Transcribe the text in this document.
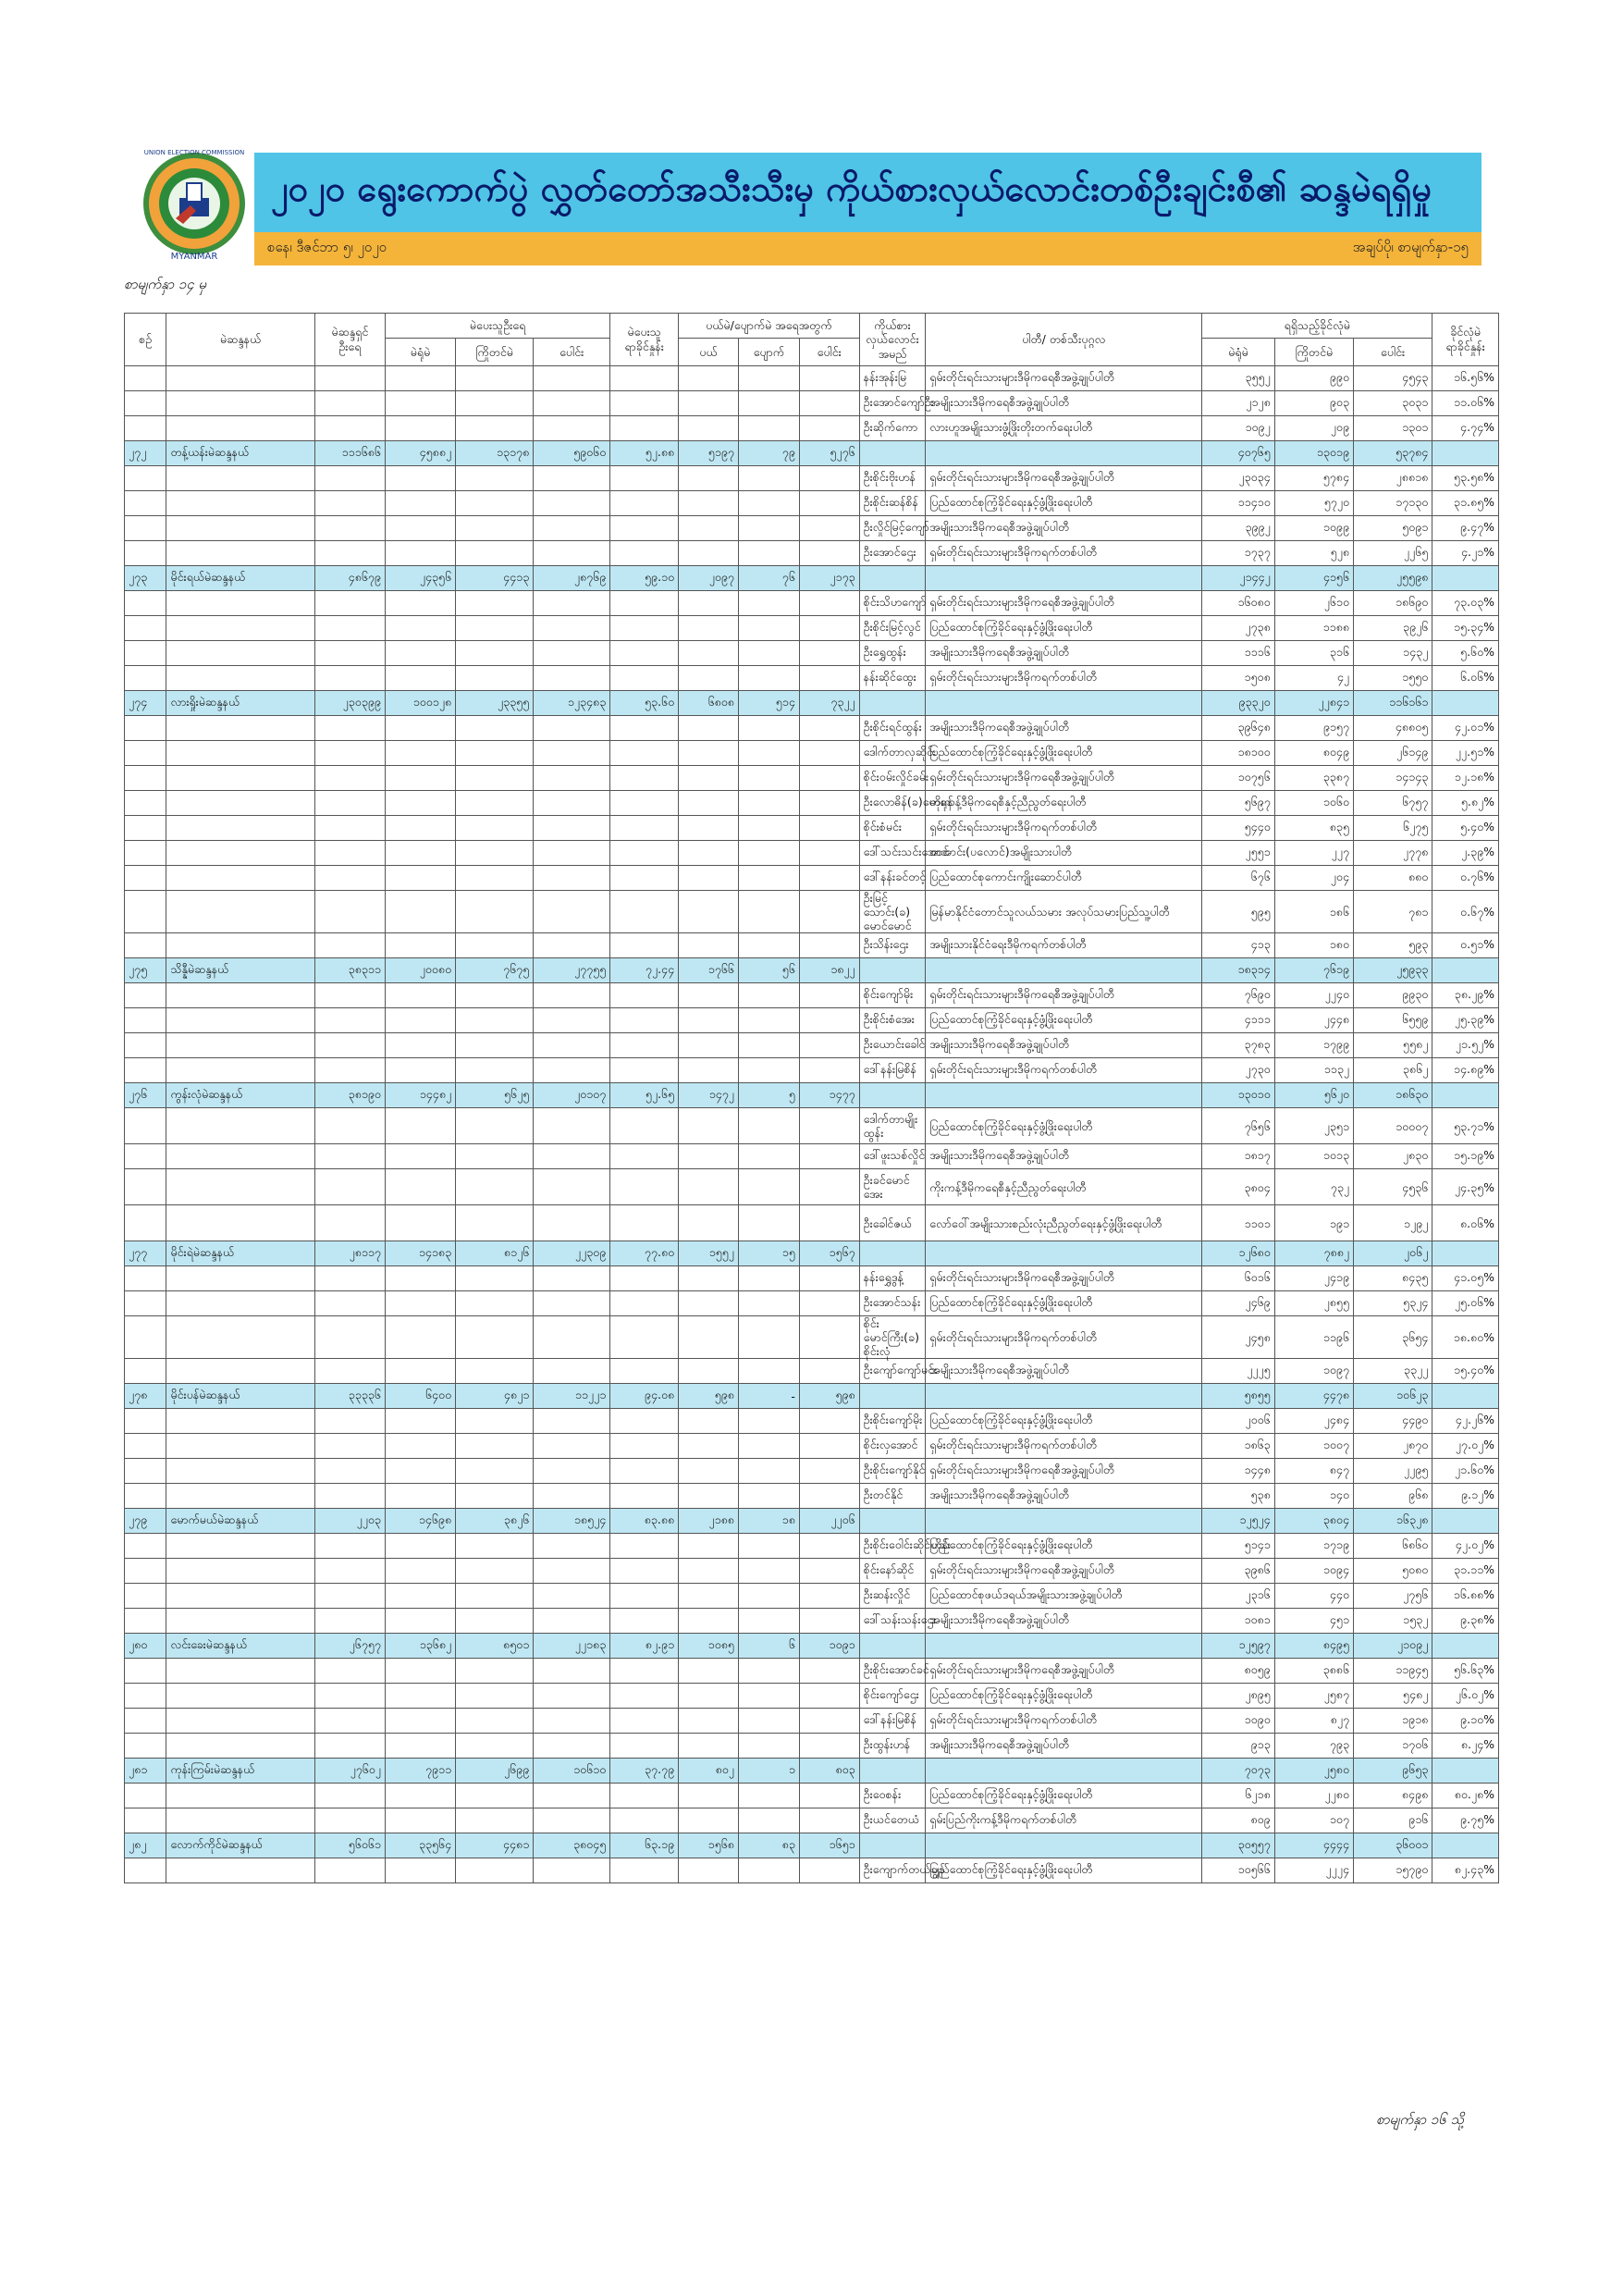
MYANMAR
UNION ELECTION COMMISSION
၂၀၂၀ ရွေးကောက်ပွဲ လွှတ်တော်အသီးသီးမှ ကိုယ်စားလှယ်လောင်းတစ်ဦးချင်းစီ၏ ဆန္ဒမဲရရှိမှု
စနေ၊ ဒီဇင်ဘာ ၅၊ ၂၀၂၀	အချပ်ပို၊ စာမျက်နှာ-၁၅
စာမျက်နှာ ၁၄ မှ
စဉ်	မဲဆန္ဒနယ်	မဲဆန္ဒရှင် ဦးရေ	မဲပေးသူဦးရေ			မဲပေးသူ ရာခိုင်နှုန်း	ပယ်မဲ/ပျောက်မဲ အရေအတွက်			ကိုယ်စား လှယ်လောင်း အမည်	ပါတီ/ တစ်သီးပုဂ္ဂလ	ရရှိသည့်ခိုင်လုံမဲ			ခိုင်လုံမဲ ရာခိုင်နှုန်း
			မဲရုံမဲ	ကြိုတင်မဲ	ပေါင်း		ပယ်	ပျောက်	ပေါင်း			မဲရုံမဲ	ကြိုတင်မဲ	ပေါင်း	
										နန်းအုန်းမြ	ရှမ်းတိုင်းရင်းသားများဒီမိုကရေစီအဖွဲ့ချုပ်ပါတီ	၃၅၅၂	၉၉၀	၄၅၄၃	၁၆.၅၆%
										ဦးအောင်ကျော်ဦး	အမျိုးသားဒီမိုကရေစီအဖွဲ့ချုပ်ပါတီ	၂၁၂၈	၉၀၃	၃၀၃၁	၁၁.၀၆%
										ဦးဆိုက်ကော	လားဟူအမျိုးသားဖွံ့ဖြိုးတိုးတက်ရေးပါတီ	၁၀၉၂	၂၀၉	၁၃၀၁	၄.၇၄%
၂၇၂	တန့်ယန်းမဲဆန္ဒနယ်	၁၁၁၆၈၆	၄၅၈၈၂	၁၃၁၇၈	၅၉၀၆၀	၅၂.၈၈	၅၁၉၇	၇၉	၅၂၇၆			၄၀၇၆၅	၁၃၀၁၉	၅၃၇၈၄	
										ဦးစိုင်းဗိုးဟန်	ရှမ်းတိုင်းရင်းသားများဒီမိုကရေစီအဖွဲ့ချုပ်ပါတီ	၂၃၀၃၄	၅၇၈၄	၂၈၈၁၈	၅၃.၅၈%
										ဦးစိုင်းဆန်စိန်	ပြည်ထောင်စုကြံ့ခိုင်ရေးနှင့်ဖွံ့ဖြိုးရေးပါတီ	၁၁၄၁၀	၅၇၂၀	၁၇၁၃၀	၃၁.၈၅%
										ဦးလှိုင်မြင့်ကျော်	အမျိုးသားဒီမိုကရေစီအဖွဲ့ချုပ်ပါတီ	၃၉၉၂	၁၀၉၉	၅၀၉၁	၉.၄၇%
										ဦးအောင်ဌေး	ရှမ်းတိုင်းရင်းသားများဒီမိုကရက်တစ်ပါတီ	၁၇၃၇	၅၂၈	၂၂၆၅	၄.၂၁%
၂၇၃	မိုင်းရယ်မဲဆန္ဒနယ်	၄၈၆၇၉	၂၄၃၅၆	၄၄၁၃	၂၈၇၆၉	၅၉.၁၀	၂၀၉၇	၇၆	၂၁၇၃			၂၁၄၄၂	၄၁၅၆	၂၅၅၉၈	
										စိုင်းသိဟကျော်	ရှမ်းတိုင်းရင်းသားများဒီမိုကရေစီအဖွဲ့ချုပ်ပါတီ	၁၆၀၈၀	၂၆၁၀	၁၈၆၉၀	၇၃.၀၃%
										ဦးစိုင်းမြင့်လွင်	ပြည်ထောင်စုကြံ့ခိုင်ရေးနှင့်ဖွံ့ဖြိုးရေးပါတီ	၂၇၃၈	၁၁၈၈	၃၉၂၆	၁၅.၃၄%
										ဦးရွှေထွန်း	အမျိုးသားဒီမိုကရေစီအဖွဲ့ချုပ်ပါတီ	၁၁၁၆	၃၁၆	၁၄၃၂	၅.၆၀%
										နန်းဆိုင်ထွေး	ရှမ်းတိုင်းရင်းသားများဒီမိုကရက်တစ်ပါတီ	၁၅၀၈	၄၂	၁၅၅၀	၆.၀၆%
၂၇၄	လားရှိုးမဲဆန္ဒနယ်	၂၃၀၃၉၉	၁၀၀၁၂၈	၂၃၃၅၅	၁၂၃၄၈၃	၅၃.၆၀	၆၈၀၈	၅၁၄	၇၃၂၂			၉၃၃၂၀	၂၂၈၄၁	၁၁၆၁၆၁	
										ဦးစိုင်းရင်ထွန်း	အမျိုးသားဒီမိုကရေစီအဖွဲ့ချုပ်ပါတီ	၃၉၆၄၈	၉၁၅၇	၄၈၈၀၅	၄၂.၀၁%
										ဒေါက်တာလှဆိုင်း	ပြည်ထောင်စုကြံ့ခိုင်ရေးနှင့်ဖွံ့ဖြိုးရေးပါတီ	၁၈၁၀၀	၈၀၄၉	၂၆၁၄၉	၂၂.၅၁%
										စိုင်းဝမ်းလှိုင်ခမ်း	ရှမ်းတိုင်းရင်းသားများဒီမိုကရေစီအဖွဲ့ချုပ်ပါတီ	၁၀၇၅၆	၃၃၈၇	၁၄၁၄၃	၁၂.၁၈%
										ဦးလောဓိန်(ခ)မောရုန်	ကိုးကန့်ဒီမိုကရေစီနှင့်ညီညွတ်ရေးပါတီ	၅၆၉၇	၁၀၆၀	၆၇၅၇	၅.၈၂%
										စိုင်းစံမင်း	ရှမ်းတိုင်းရင်းသားများဒီမိုကရက်တစ်ပါတီ	၅၄၄၀	၈၃၅	၆၂၇၅	၅.၄၀%
										ဒေါ်သင်းသင်းအောင်	တအာင်း(ပလောင်)အမျိုးသားပါတီ	၂၅၅၁	၂၂၇	၂၇၇၈	၂.၃၉%
										ဒေါ်နန်းခင်တင့်	ပြည်ထောင်စုကောင်းကျိုးဆောင်ပါတီ	၆၇၆	၂၀၄	၈၈၀	၀.၇၆%
										ဦးမြင့်သောင်း(ခ) မောင်မောင်	မြန်မာနိုင်ငံတောင်သူလယ်သမား အလုပ်သမားပြည်သူ့ပါတီ	၅၉၅	၁၈၆	၇၈၁	၀.၆၇%
										ဦးသိန်းဌေး	အမျိုးသားနိုင်ငံရေးဒီမိုကရက်တစ်ပါတီ	၄၁၃	၁၈၀	၅၉၃	၀.၅၁%
၂၇၅	သိန္နီမဲဆန္ဒနယ်	၃၈၃၁၁	၂၀၀၈၀	၇၆၇၅	၂၇၇၅၅	၇၂.၄၄	၁၇၆၆	၅၆	၁၈၂၂			၁၈၃၁၄	၇၆၁၉	၂၅၉၃၃	
										စိုင်းကျော်မိုး	ရှမ်းတိုင်းရင်းသားများဒီမိုကရေစီအဖွဲ့ချုပ်ပါတီ	၇၆၉၀	၂၂၄၀	၉၉၃၀	၃၈.၂၉%
										ဦးစိုင်းစံအေး	ပြည်ထောင်စုကြံ့ခိုင်ရေးနှင့်ဖွံ့ဖြိုးရေးပါတီ	၄၁၁၁	၂၄၄၈	၆၅၅၉	၂၅.၃၉%
										ဦးယောင်းခေါင်	အမျိုးသားဒီမိုကရေစီအဖွဲ့ချုပ်ပါတီ	၃၇၈၃	၁၇၉၉	၅၅၈၂	၂၁.၅၂%
										ဒေါ်နန်းမြစိန်	ရှမ်းတိုင်းရင်းသားများဒီမိုကရက်တစ်ပါတီ	၂၇၃၀	၁၁၃၂	၃၈၆၂	၁၄.၈၉%
၂၇၆	ကွန်းလုံမဲဆန္ဒနယ်	၃၈၁၉၀	၁၄၄၈၂	၅၆၂၅	၂၀၁၀၇	၅၂.၆၅	၁၄၇၂	၅	၁၄၇၇			၁၃၀၁၀	၅၆၂၀	၁၈၆၃၀	
										ဒေါက်တာမျိုးထွန်း	ပြည်ထောင်စုကြံ့ခိုင်ရေးနှင့်ဖွံ့ဖြိုးရေးပါတီ	၇၆၅၆	၂၃၅၁	၁၀၀၀၇	၅၃.၇၁%
										ဒေါ်ဖူးသစ်လှိုင်	အမျိုးသားဒီမိုကရေစီအဖွဲ့ချုပ်ပါတီ	၁၈၁၇	၁၀၁၃	၂၈၃၀	၁၅.၁၉%
										ဦးခင်မောင်အေး	ကိုးကန့်ဒီမိုကရေစီနှင့်ညီညွတ်ရေးပါတီ	၃၈၀၄	၇၃၂	၄၅၃၆	၂၄.၃၅%
										ဦးခေါင်ဇယ်	လော်ဝေါ်အမျိုးသားစည်းလုံးညီညွတ်ရေးနှင့်ဖွံ့ဖြိုးရေးပါတီ	၁၁၀၁	၁၉၁	၁၂၉၂	၈.၀၆%
၂၇၇	မိုင်းရဲမဲဆန္ဒနယ်	၂၈၁၁၇	၁၄၁၈၃	၈၁၂၆	၂၂၃၀၉	၇၇.၈၀	၁၅၅၂	၁၅	၁၅၆၇			၁၂၆၈၀	၇၈၈၂	၂၀၆၂	
										နန်းရွှေဒွန့်	ရှမ်းတိုင်းရင်းသားများဒီမိုကရေစီအဖွဲ့ချုပ်ပါတီ	၆၀၁၆	၂၄၁၉	၈၄၃၅	၄၁.၀၅%
										ဦးအောင်သန်း	ပြည်ထောင်စုကြံ့ခိုင်ရေးနှင့်ဖွံ့ဖြိုးရေးပါတီ	၂၄၆၉	၂၈၅၅	၅၃၂၄	၂၅.၀၆%
										စိုင်းမောင်ကြီး(ခ) စိုင်းလုံ	ရှမ်းတိုင်းရင်းသားများဒီမိုကရက်တစ်ပါတီ	၂၄၅၈	၁၁၉၆	၃၆၅၄	၁၈.၈၀%
										ဦးကျော်ကျော်မင်း	အမျိုးသားဒီမိုကရေစီအဖွဲ့ချုပ်ပါတီ	၂၂၂၅	၁၀၉၇	၃၃၂၂	၁၅.၄၀%
၂၇၈	မိုင်းပန်မဲဆန္ဒနယ်	၃၃၃၃၆	၆၄၀၀	၄၈၂၁	၁၁၂၂၁	၉၄.၀၈	၅၉၈	-	၅၉၈			၅၈၅၅	၄၄၇၈	၁၀၆၂၃	
										ဦးစိုင်းကျော်မိုး	ပြည်ထောင်စုကြံ့ခိုင်ရေးနှင့်ဖွံ့ဖြိုးရေးပါတီ	၂၀၀၆	၂၄၈၄	၄၄၉၀	၄၂.၂၆%
										စိုင်းလှအောင်	ရှမ်းတိုင်းရင်းသားများဒီမိုကရက်တစ်ပါတီ	၁၈၆၃	၁၀၀၇	၂၈၇၀	၂၇.၀၂%
										ဦးစိုင်းကျော်နိုင်	ရှမ်းတိုင်းရင်းသားများဒီမိုကရေစီအဖွဲ့ချုပ်ပါတီ	၁၄၄၈	၈၄၇	၂၂၉၅	၂၁.၆၀%
										ဦးတင်နိုင်	အမျိုးသားဒီမိုကရေစီအဖွဲ့ချုပ်ပါတီ	၅၃၈	၁၄၀	၉၆၈	၉.၁၂%
၂၇၉	မောက်မယ်မဲဆန္ဒနယ်	၂၂၀၃	၁၄၆၉၈	၃၈၂၆	၁၈၅၂၄	၈၃.၈၈	၂၁၈၈	၁၈	၂၂၀၆			၁၂၅၂၄	၃၈၀၄	၁၆၃၂၈	
										ဦးစိုင်းဝေါင်းဆိုင်ဟိန်း	ပြည်ထောင်စုကြံ့ခိုင်ရေးနှင့်ဖွံ့ဖြိုးရေးပါတီ	၅၁၄၁	၁၇၁၉	၆၈၆၀	၄၂.၀၂%
										စိုင်းနော်ဆိုင်	ရှမ်းတိုင်းရင်းသားများဒီမိုကရေစီအဖွဲ့ချုပ်ပါတီ	၃၉၈၆	၁၀၉၄	၅၀၈၀	၃၁.၁၁%
										ဦးဆန်းလှိုင်	ပြည်ထောင်စုဖယ်ဒရယ်အမျိုးသားအဖွဲ့ချုပ်ပါတီ	၂၃၁၆	၄၄၀	၂၇၅၆	၁၆.၈၈%
										ဒေါ်သန်းသန်းဌေး	အမျိုးသားဒီမိုကရေစီအဖွဲ့ချုပ်ပါတီ	၁၀၈၁	၄၅၁	၁၅၃၂	၉.၃၈%
၂၈၀	လင်းခေးမဲဆန္ဒနယ်	၂၆၇၅၇	၁၃၆၈၂	၈၅၀၁	၂၂၁၈၃	၈၂.၉၁	၁၀၈၅	၆	၁၀၉၁			၁၂၅၉၇	၈၄၉၅	၂၁၀၉၂	
										ဦးစိုင်းအောင်ခင်	ရှမ်းတိုင်းရင်းသားများဒီမိုကရေစီအဖွဲ့ချုပ်ပါတီ	၈၀၅၉	၃၈၈၆	၁၁၉၄၅	၅၆.၆၃%
										စိုင်းကျော်ဌေး	ပြည်ထောင်စုကြံ့ခိုင်ရေးနှင့်ဖွံ့ဖြိုးရေးပါတီ	၂၈၉၅	၂၅၈၇	၅၄၈၂	၂၆.၀၂%
										ဒေါ်နန်းမြစိန်	ရှမ်းတိုင်းရင်းသားများဒီမိုကရက်တစ်ပါတီ	၁၀၉၀	၈၂၇	၁၉၁၈	၉.၁၀%
										ဦးထွန်းဟန်	အမျိုးသားဒီမိုကရေစီအဖွဲ့ချုပ်ပါတီ	၉၁၃	၇၉၃	၁၇၀၆	၈.၂၄%
၂၈၁	ကုန်းကြမ်းမဲဆန္ဒနယ်	၂၇၆၀၂	၇၉၁၁	၂၆၉၉	၁၀၆၁၀	၃၇.၇၉	၈၀၂	၁	၈၀၃			၇၀၇၃	၂၅၈၀	၉၆၅၃	
										ဦးဝေစန်း	ပြည်ထောင်စုကြံ့ခိုင်ရေးနှင့်ဖွံ့ဖြိုးရေးပါတီ	၆၂၁၈	၂၂၈၀	၈၄၉၈	၈၀.၂၈%
										ဦးယင်တေယံ	ရှမ်းပြည်ကိုးကန့်ဒီမိုကရက်တစ်ပါတီ	၈၀၉	၁၀၇	၉၁၆	၉.၇၅%
၂၈၂	လောက်ကိုင်မဲဆန္ဒနယ်	၅၆၀၆၁	၃၃၅၆၄	၄၄၈၁	၃၈၀၄၅	၆၃.၁၉	၁၅၆၈	၈၃	၁၆၅၁			၃၀၅၅၇	၄၄၄၄	၃၆၀၀၁	
										ဦးကျောက်တယ်ချွန်	ပြည်ထောင်စုကြံ့ခိုင်ရေးနှင့်ဖွံ့ဖြိုးရေးပါတီ	၁၀၅၆၆	၂၂၂၄	၁၅၇၉၀	၈၂.၄၃%
စာမျက်နှာ ၁၆ သို့
